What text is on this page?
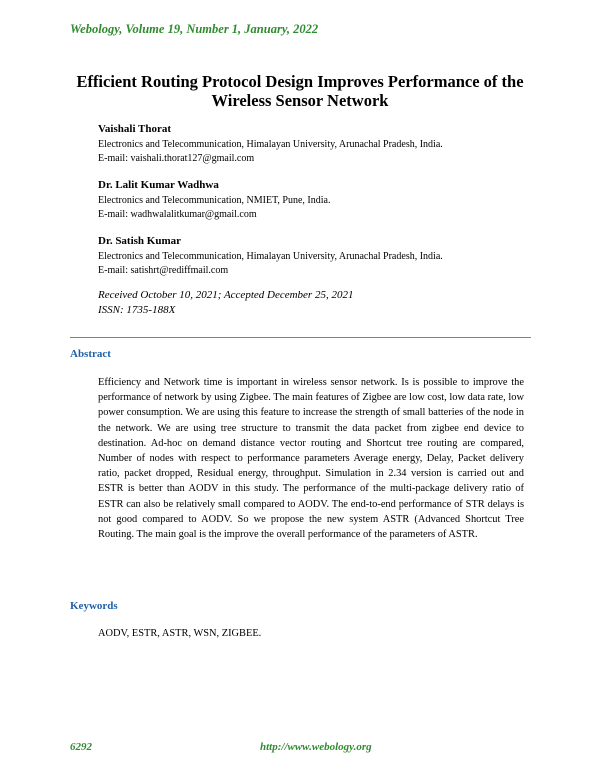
Webology, Volume 19, Number 1, January, 2022
Efficient Routing Protocol Design Improves Performance of the
Wireless Sensor Network
Vaishali Thorat
Electronics and Telecommunication, Himalayan University, Arunachal Pradesh, India.
E-mail: vaishali.thorat127@gmail.com
Dr. Lalit Kumar Wadhwa
Electronics and Telecommunication, NMIET, Pune, India.
E-mail: wadhwalalitkumar@gmail.com
Dr. Satish Kumar
Electronics and Telecommunication, Himalayan University, Arunachal Pradesh, India.
E-mail: satishrt@rediffmail.com
Received October 10, 2021; Accepted December 25, 2021
ISSN: 1735-188X
Abstract
Efficiency and Network time is important in wireless sensor network. Is is possible to improve the performance of network by using Zigbee. The main features of Zigbee are low cost, low data rate, low power consumption. We are using this feature to increase the strength of small batteries of the node in the network. We are using tree structure to transmit the data packet from zigbee end device to destination. Ad-hoc on demand distance vector routing and Shortcut tree routing are compared, Number of nodes with respect to performance parameters Average energy, Delay, Packet delivery ratio, packet dropped, Residual energy, throughput. Simulation in 2.34 version is carried out and ESTR is better than AODV in this study. The performance of the multi-package delivery ratio of ESTR can also be relatively small compared to AODV. The end-to-end performance of STR delays is not good compared to AODV. So we propose the new system ASTR (Advanced Shortcut Tree Routing. The main goal is the improve the overall performance of the parameters of ASTR.
Keywords
AODV, ESTR, ASTR, WSN, ZIGBEE.
6292	http://www.webology.org
